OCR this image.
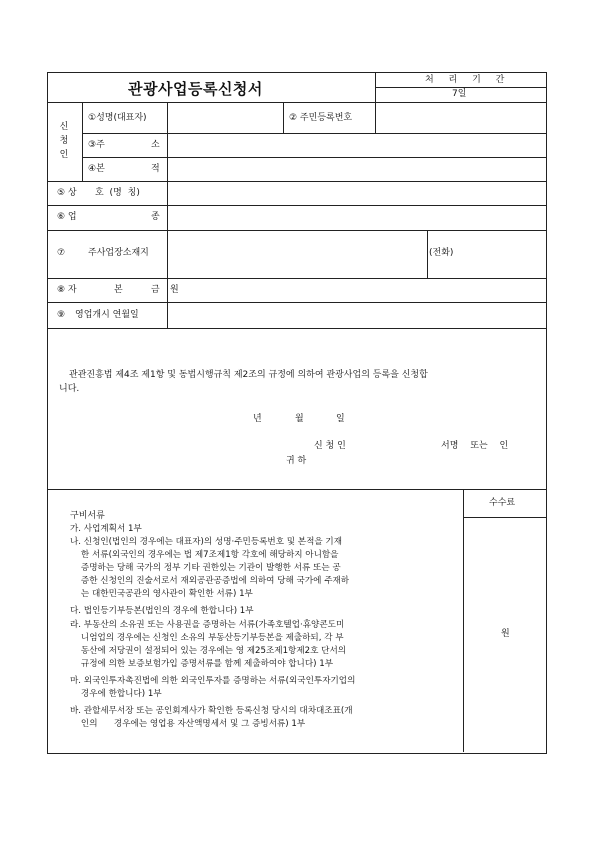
관광사업등록신청서	처 리 기 간
7일
신
청
인
①성명(대표자)	② 주민등록번호
③주	소
④본	적
⑤ 상 호 (명 칭)
⑥ 업	종
⑦	주사업장소재지	(전화)
⑧ 자	본	금 원
⑨ 영업개시 연월일
관관진흥법 제4조 제1항 및 동법시행규칙 제2조의 규정에 의하여 관광사업의 등록을 신청합
니다.
년	월	일
신 청 인	서명 또는 인
귀 하
구비서류
가. 사업계획서 1부
나. 신청인(법인의 경우에는 대표자)의 성명·주민등록번호 및 본적을 기재
한 서류(외국인의 경우에는 법 제7조제1항 각호에 해당하지 아니함을
증명하는 당해 국가의 정부 기타 권한있는 기관이 발행한 서류 또는 공
증한 신청인의 진술서로서 재외공관공증법에 의하여 당해 국가에 주재하
는 대한민국공관의 영사관이 확인한 서류) 1부
다. 법인등기부등본(법인의 경우에 한합니다) 1부
라. 부동산의 소유권 또는 사용권을 증명하는 서류(가족호텔업·휴양콘도미
니엄업의 경우에는 신청인 소유의 부동산등기부등본을 제출하되, 각 부
동산에 저당권이 설정되어 있는 경우에는 영 제25조제1항제2호 단서의
규정에 의한 보증보험가입 증명서류를 함께 제출하여야 합니다) 1부
마. 외국인투자촉진법에 의한 외국인투자를 증명하는 서류(외국인투자기업의
경우에 한합니다) 1부
바. 관할세무서장 또는 공인회계사가 확인한 등록신청 당시의 대차대조표(개
인의      경우에는 영업용 자산액명세서 및 그 증빙서류) 1부
수수료
원
